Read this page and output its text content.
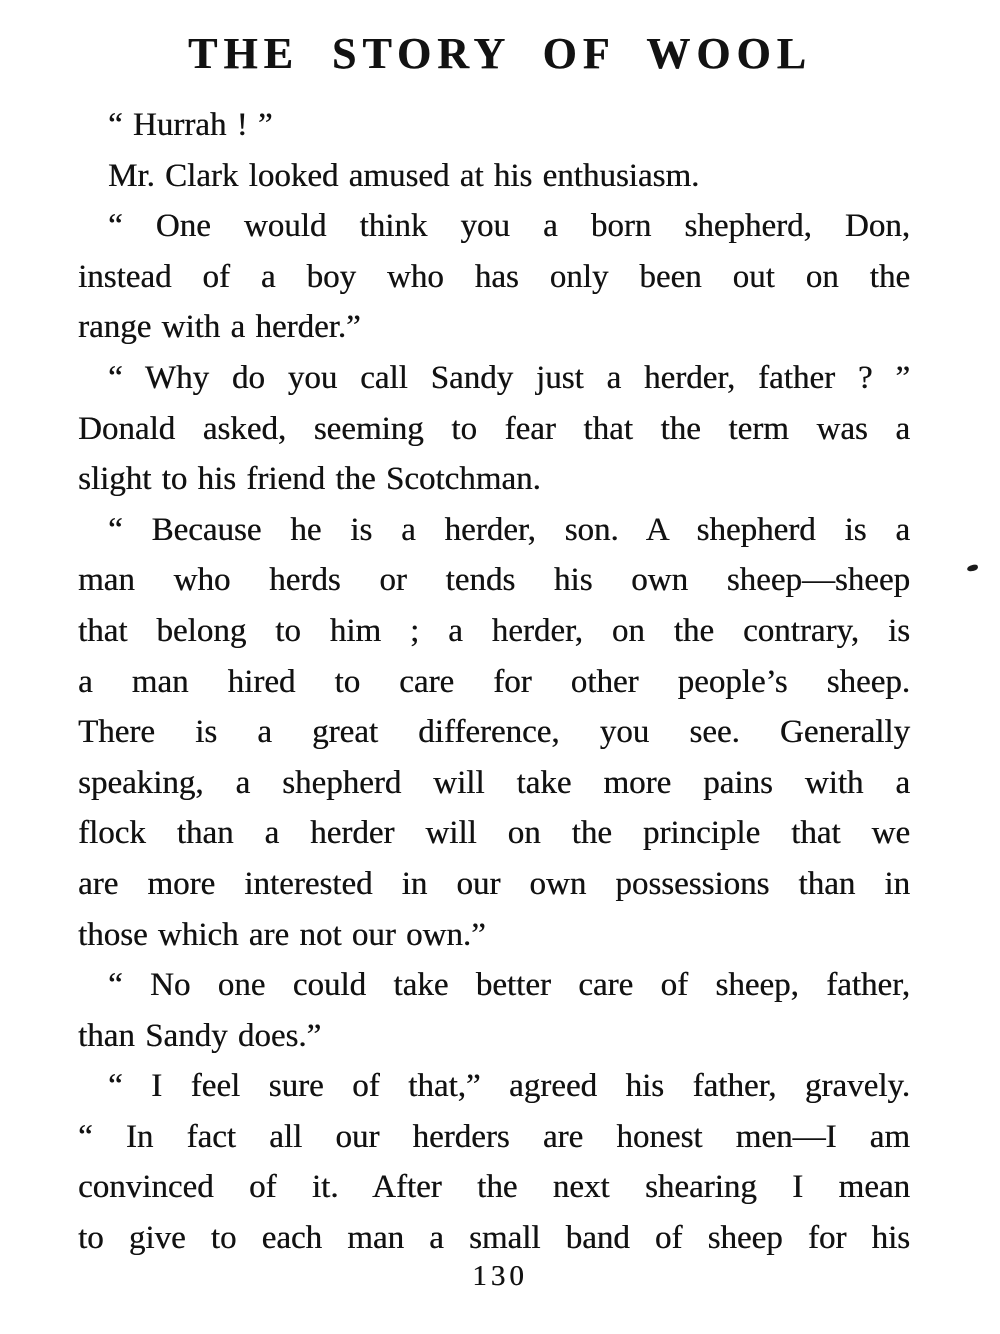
THE STORY OF WOOL

“ Hurrah ! ”

Mr. Clark looked amused at his enthusiasm.

“ One would think you a born shepherd, Don,

instead of a boy who has only been out on the

range with a herder.”

“ Why do you call Sandy just a herder, father ? ”

Donald asked, seeming to fear that the term was a

slight to his friend the Scotchman.

“ Because he is a herder, son. A shepherd is a

man who herds or tends his own sheep—sheep

that belong to him ; a herder, on the contrary, is

a man hired to care for other people’s sheep.

There is a great difference, you see. Generally

speaking, a shepherd will take more pains with a

flock than a herder will on the principle that we

are more interested in our own possessions than in

those which are not our own.”

“ No one could take better care of sheep, father,

than Sandy does.”

“ I feel sure of that,” agreed his father, gravely.

“ In fact all our herders are honest men—I am

convinced of it. After the next shearing I mean

to give to each man a small band of sheep for his

130
